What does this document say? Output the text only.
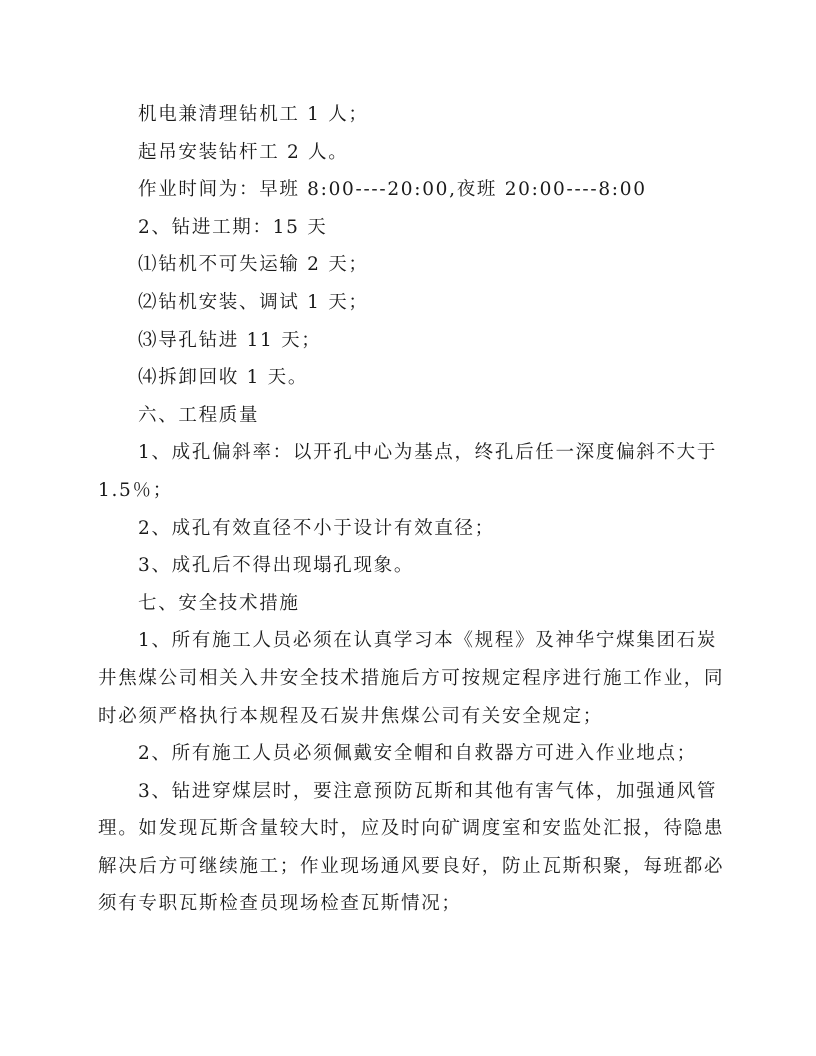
机电兼清理钻机工 1 人；

起吊安装钻杆工 2 人。

作业时间为：早班 8:00----20:00,夜班 20:00----8:00

2、钻进工期：15 天

⑴钻机不可失运输 2 天；

⑵钻机安装、调试 1 天；

⑶导孔钻进 11 天；

⑷拆卸回收 1 天。

六、工程质量

1、成孔偏斜率：以开孔中心为基点，终孔后任一深度偏斜不大于

1.5％；

2、成孔有效直径不小于设计有效直径；

3、成孔后不得出现塌孔现象。

七、安全技术措施

1、所有施工人员必须在认真学习本《规程》及神华宁煤集团石炭

井焦煤公司相关入井安全技术措施后方可按规定程序进行施工作业，同

时必须严格执行本规程及石炭井焦煤公司有关安全规定；

2、所有施工人员必须佩戴安全帽和自救器方可进入作业地点；

3、钻进穿煤层时，要注意预防瓦斯和其他有害气体，加强通风管

理。如发现瓦斯含量较大时，应及时向矿调度室和安监处汇报，待隐患

解决后方可继续施工；作业现场通风要良好，防止瓦斯积聚，每班都必

须有专职瓦斯检查员现场检查瓦斯情况；
